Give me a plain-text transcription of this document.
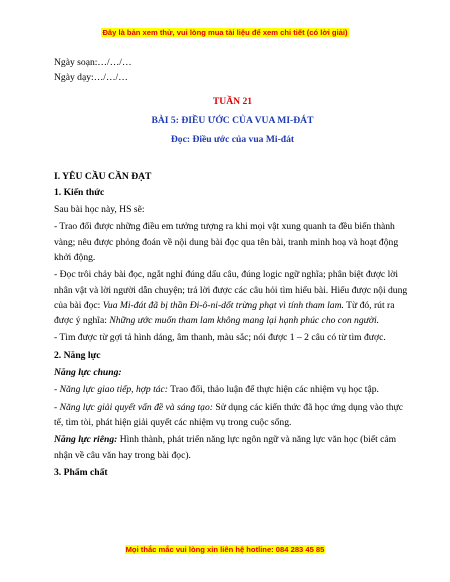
Đây là bản xem thử, vui lòng mua tài liệu để xem chi tiết (có lời giải)

Ngày soạn:…/…/…

Ngày dạy:…/…/…

TUẦN 21

BÀI 5: ĐIỀU ƯỚC CỦA VUA MI-ĐÁT

Đọc: Điều ước của vua Mi-đát

I. YÊU CẦU CẦN ĐẠT

1. Kiến thức

Sau bài học này, HS sẽ:

- Trao đổi được những điều em tưởng tượng ra khi mọi vật xung quanh ta đều biến thành vàng; nêu được phỏng đoán về nội dung bài đọc qua tên bài, tranh minh hoạ và hoạt động khởi động.

- Đọc trôi chảy bài đọc, ngắt nghỉ đúng dấu câu, đúng logic ngữ nghĩa; phân biệt được lời nhân vật và lời người dẫn chuyện; trả lời được các câu hỏi tìm hiểu bài. Hiểu được nội dung của bài đọc: Vua Mi-đát đã bị thần Đi-ô-ni-dốt trừng phạt vì tính tham lam. Từ đó, rút ra được ý nghĩa: Những ước muốn tham lam không mang lại hạnh phúc cho con người.

- Tìm được từ gợi tả hình dáng, âm thanh, màu sắc; nói được 1 – 2 câu có từ tìm được.

2. Năng lực

Năng lực chung:

- Năng lực giao tiếp, hợp tác: Trao đổi, thảo luận để thực hiện các nhiệm vụ học tập.

- Năng lực giải quyết vấn đề và sáng tạo: Sử dụng các kiến thức đã học ứng dụng vào thực tế, tìm tòi, phát hiện giải quyết các nhiệm vụ trong cuộc sống.

Năng lực riêng: Hình thành, phát triển năng lực ngôn ngữ và năng lực văn học (biết cảm nhận về câu văn hay trong bài đọc).

3. Phẩm chất

Mọi thắc mắc vui lòng xin liên hệ hotline: 084 283 45 85
